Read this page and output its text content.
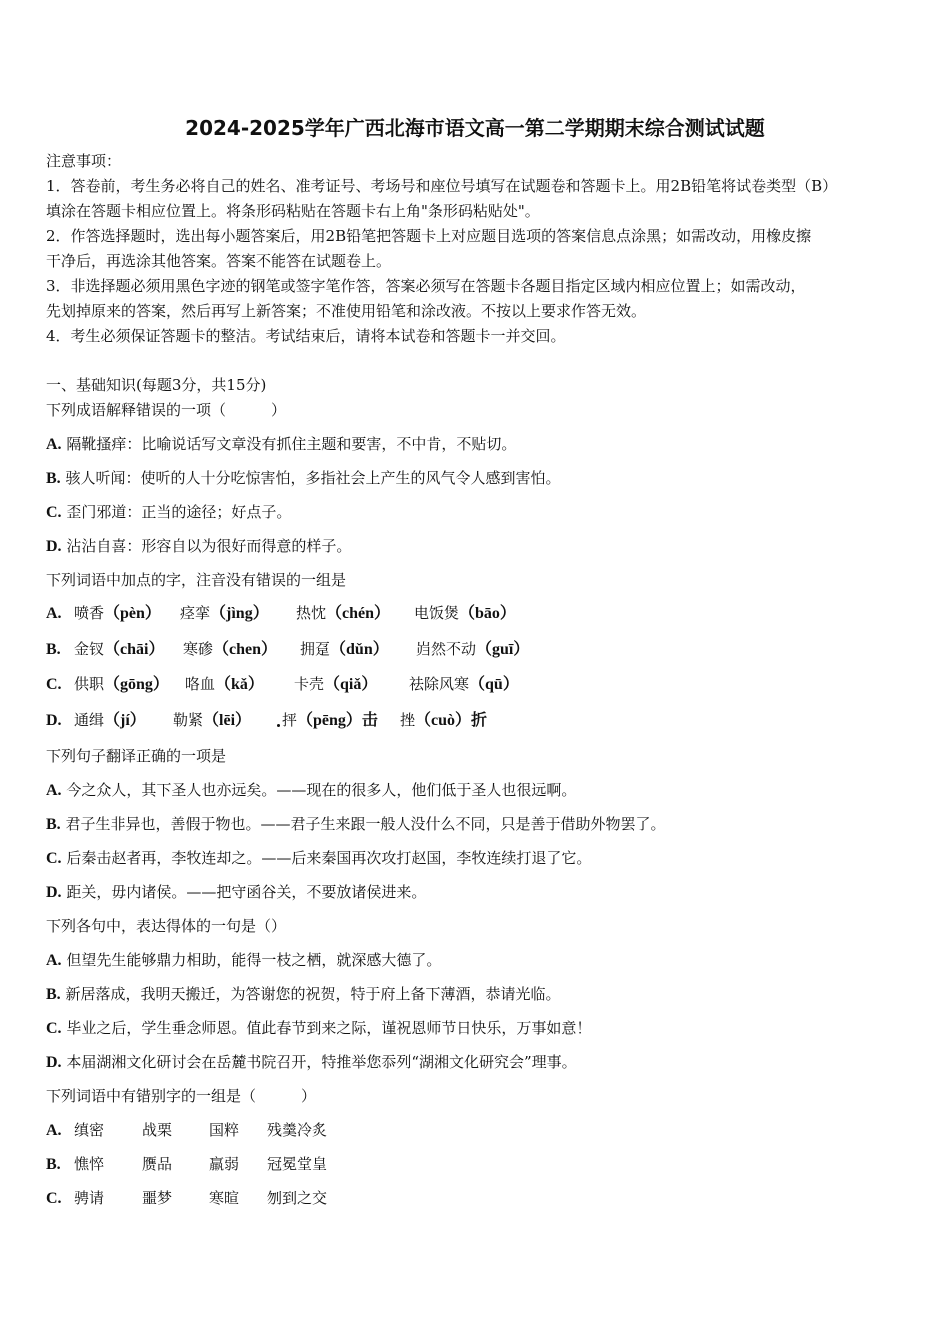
2024-2025学年广西北海市语文高一第二学期期末综合测试试题
注意事项：
1．答卷前，考生务必将自己的姓名、准考证号、考场号和座位号填写在试题卷和答题卡上。用2B铅笔将试卷类型（B）
填涂在答题卡相应位置上。将条形码粘贴在答题卡右上角"条形码粘贴处"。
2．作答选择题时，选出每小题答案后，用2B铅笔把答题卡上对应题目选项的答案信息点涂黑；如需改动，用橡皮擦
干净后，再选涂其他答案。答案不能答在试题卷上。
3．非选择题必须用黑色字迹的钢笔或签字笔作答，答案必须写在答题卡各题目指定区域内相应位置上；如需改动，
先划掉原来的答案，然后再写上新答案；不准使用铅笔和涂改液。不按以上要求作答无效。
4．考生必须保证答题卡的整洁。考试结束后，请将本试卷和答题卡一并交回。
一、基础知识(每题3分，共15分)
下列成语解释错误的一项（　　　）
A. 隔靴搔痒：比喻说话写文章没有抓住主题和要害，不中肯，不贴切。
B. 骇人听闻：使听的人十分吃惊害怕，多指社会上产生的风气令人感到害怕。
C. 歪门邪道：正当的途径；好点子。
D. 沾沾自喜：形容自以为很好而得意的样子。
下列词语中加点的字，注音没有错误的一组是
A. 喷香（pèn） 痉挛（jìng） 热忱（chén） 电饭煲（bāo）
B. 金钗（chāi） 寒碜（chen） 拥趸（dǔn） 岿然不动（guī）
C. 供职（gōng） 咯血（kǎ） 卡壳（qiǎ） 祛除风寒（qū）
D. 通缉（jí） 勒紧（lēi） 抨（pēng）击 挫（cuò）折
下列句子翻译正确的一项是
A. 今之众人，其下圣人也亦远矣。——现在的很多人，他们低于圣人也很远啊。
B. 君子生非异也，善假于物也。——君子生来跟一般人没什么不同，只是善于借助外物罢了。
C. 后秦击赵者再，李牧连却之。——后来秦国再次攻打赵国，李牧连续打退了它。
D. 距关，毋内诸侯。——把守函谷关，不要放诸侯进来。
下列各句中，表达得体的一句是（）
A. 但望先生能够鼎力相助，能得一枝之栖，就深感大德了。
B. 新居落成，我明天搬迁，为答谢您的祝贺，特于府上备下薄酒，恭请光临。
C. 毕业之后，学生垂念师恩。值此春节到来之际，谨祝恩师节日快乐，万事如意！
D. 本届湖湘文化研讨会在岳麓书院召开，特推举您忝列“湖湘文化研究会”理事。
下列词语中有错别字的一组是（　　　）
A. 缜密	战栗 国粹 残羹冷炙
B. 憔悴	赝品 羸弱 冠冕堂皇
C. 骋请	噩梦 寒暄 刎到之交
